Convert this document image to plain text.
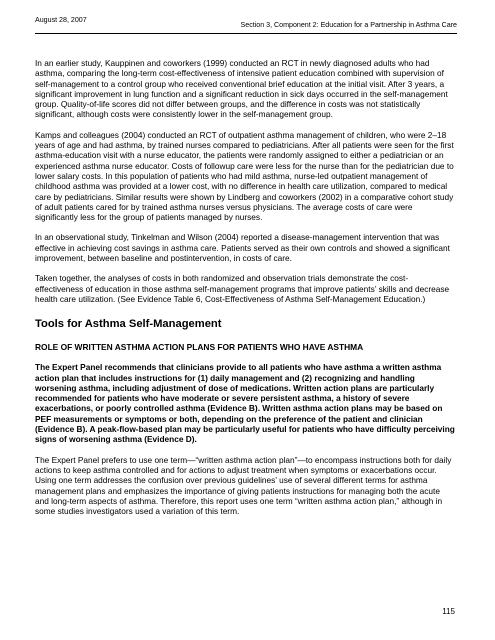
August 28, 2007
Section 3, Component 2: Education for a Partnership in Asthma Care

In an earlier study, Kauppinen and coworkers (1999) conducted an RCT in newly diagnosed adults who had asthma, comparing the long-term cost-effectiveness of intensive patient education combined with supervision of self-management to a control group who received conventional brief education at the initial visit. After 3 years, a significant improvement in lung function and a significant reduction in sick days occurred in the self-management group. Quality-of-life scores did not differ between groups, and the difference in costs was not statistically significant, although costs were consistently lower in the self-management group.

Kamps and colleagues (2004) conducted an RCT of outpatient asthma management of children, who were 2–18 years of age and had asthma, by trained nurses compared to pediatricians. After all patients were seen for the first asthma-education visit with a nurse educator, the patients were randomly assigned to either a pediatrician or an experienced asthma nurse educator. Costs of followup care were less for the nurse than for the pediatrician due to lower salary costs. In this population of patients who had mild asthma, nurse-led outpatient management of childhood asthma was provided at a lower cost, with no difference in health care utilization, compared to medical care by pediatricians. Similar results were shown by Lindberg and coworkers (2002) in a comparative cohort study of adult patients cared for by trained asthma nurses versus physicians. The average costs of care were significantly less for the group of patients managed by nurses.

In an observational study, Tinkelman and Wilson (2004) reported a disease-management intervention that was effective in achieving cost savings in asthma care. Patients served as their own controls and showed a significant improvement, between baseline and postintervention, in costs of care.

Taken together, the analyses of costs in both randomized and observation trials demonstrate the cost-effectiveness of education in those asthma self-management programs that improve patients’ skills and decrease health care utilization. (See Evidence Table 6, Cost-Effectiveness of Asthma Self-Management Education.)

Tools for Asthma Self-Management
ROLE OF WRITTEN ASTHMA ACTION PLANS FOR PATIENTS WHO HAVE ASTHMA

The Expert Panel recommends that clinicians provide to all patients who have asthma a written asthma action plan that includes instructions for (1) daily management and (2) recognizing and handling worsening asthma, including adjustment of dose of medications. Written action plans are particularly recommended for patients who have moderate or severe persistent asthma, a history of severe exacerbations, or poorly controlled asthma (Evidence B). Written asthma action plans may be based on PEF measurements or symptoms or both, depending on the preference of the patient and clinician (Evidence B). A peak-flow-based plan may be particularly useful for patients who have difficulty perceiving signs of worsening asthma (Evidence D).

The Expert Panel prefers to use one term—“written asthma action plan”—to encompass instructions both for daily actions to keep asthma controlled and for actions to adjust treatment when symptoms or exacerbations occur. Using one term addresses the confusion over previous guidelines’ use of several different terms for asthma management plans and emphasizes the importance of giving patients instructions for managing both the acute and long-term aspects of asthma. Therefore, this report uses one term “written asthma action plan,” although in some studies investigators used a variation of this term.

115
